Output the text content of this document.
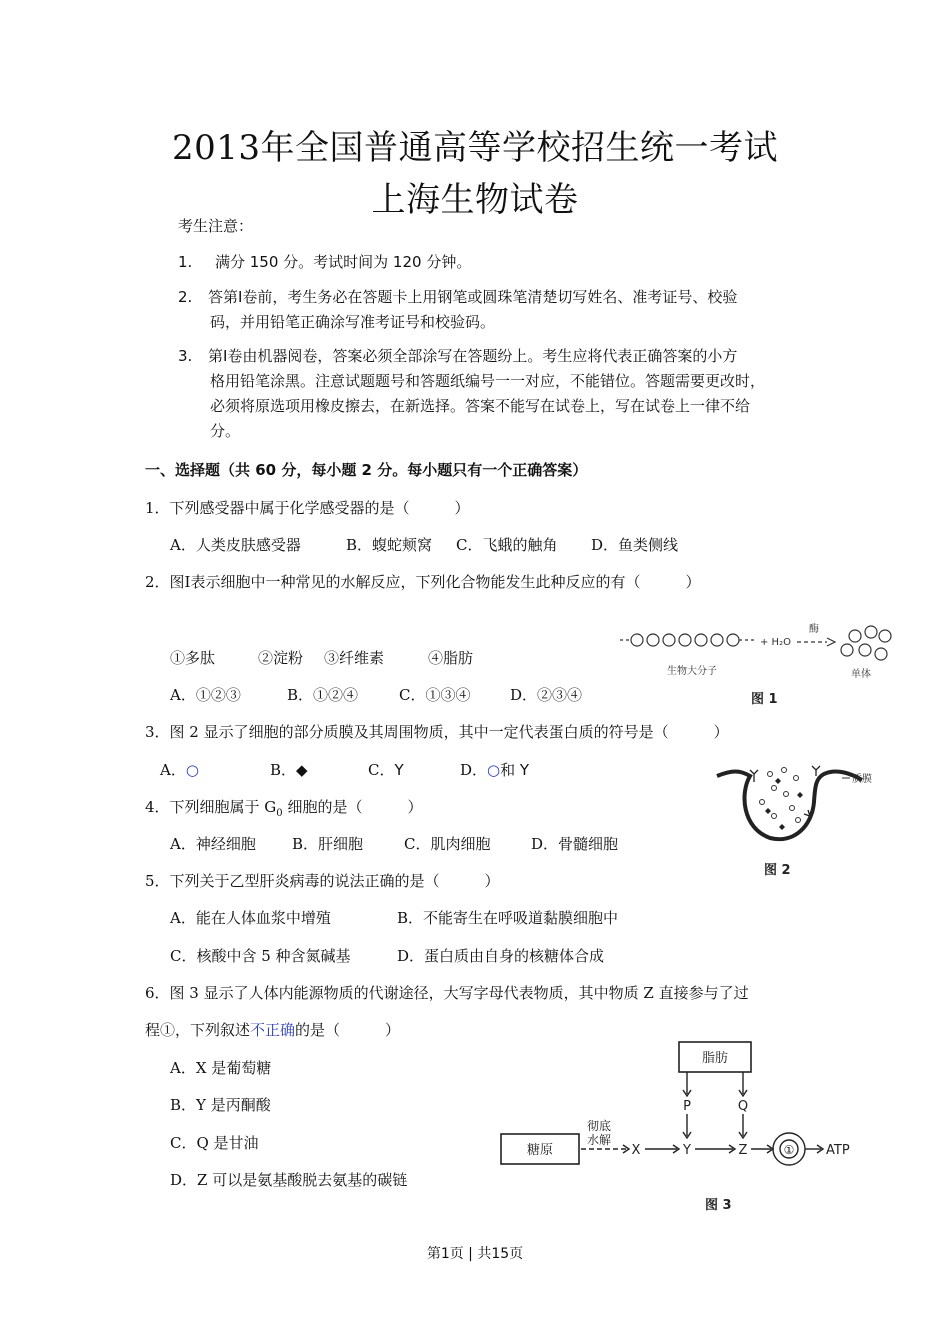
2013年全国普通高等学校招生统一考试
上海生物试卷
考生注意：
1. 满分 150 分。考试时间为 120 分钟。
2. 答第Ⅰ卷前，考生务必在答题卡上用钢笔或圆珠笔清楚切写姓名、准考证号、校验
码，并用铅笔正确涂写准考证号和校验码。
3. 第Ⅰ卷由机器阅卷，答案必须全部涂写在答题纷上。考生应将代表正确答案的小方
格用铅笔涂黑。注意试题题号和答题纸编号一一对应，不能错位。答题需要更改时，
必须将原选项用橡皮擦去，在新选择。答案不能写在试卷上，写在试卷上一律不给
分。
一、选择题（共 60 分，每小题 2 分。每小题只有一个正确答案）
1．下列感受器中属于化学感受器的是（　　　）
A．人类皮肤感受器	B．蝮蛇颊窝 C．飞蛾的触角 D．鱼类侧线
2．图Ⅰ表示细胞中一种常见的水解反应，下列化合物能发生此种反应的有（　　　）
①多肽	②淀粉 ③纤维素	④脂肪
A．①②③	B．①②④	C．①③④	D．②③④
3．图 2 显示了细胞的部分质膜及其周围物质，其中一定代表蛋白质的符号是（　　　）
A．○	B．◆	C．Y	D．○和 Y
4．下列细胞属于 $G_0$ 细胞的是（　　　）
A．神经细胞 B．肝细胞	C．肌肉细胞	D．骨髓细胞
5．下列关于乙型肝炎病毒的说法正确的是（　　　）
A．能在人体血浆中增殖	B．不能寄生在呼吸道黏膜细胞中
C．核酸中含 5 种含氮碱基	D．蛋白质由自身的核糖体合成
6．图 3 显示了人体内能源物质的代谢途径，大写字母代表物质，其中物质 Z 直接参与了过
程①，下列叙述不正确的是（　　　）
A．X 是葡萄糖
B．Y 是丙酮酸
C．Q 是甘油
D．Z 可以是氨基酸脱去氨基的碳链
+ H₂O
酶
生物大分子	单体
图 1
质膜
图 2
脂肪
糖原
P	Q
彻底
水解
X	Y	Z	① ATP
图 3
第1页 | 共15页
